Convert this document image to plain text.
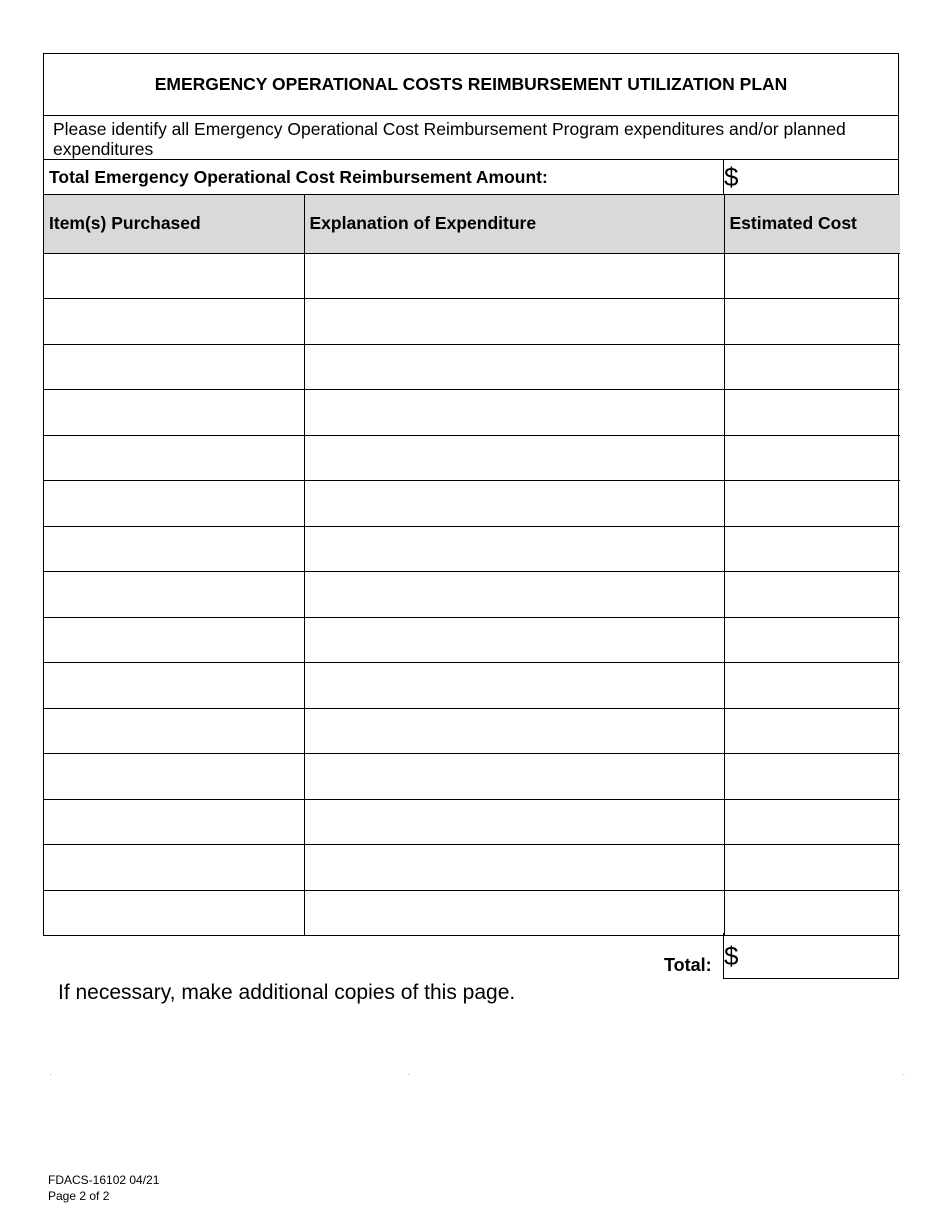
EMERGENCY OPERATIONAL COSTS REIMBURSEMENT UTILIZATION PLAN
Please identify all Emergency Operational Cost Reimbursement Program expenditures and/or planned expenditures
Total Emergency Operational Cost Reimbursement Amount:	$
Item(s) Purchased	Explanation of Expenditure	Estimated Cost

Total: $
If necessary, make additional copies of this page.
.	.	.
FDACS-16102 04/21
Page 2 of 2
